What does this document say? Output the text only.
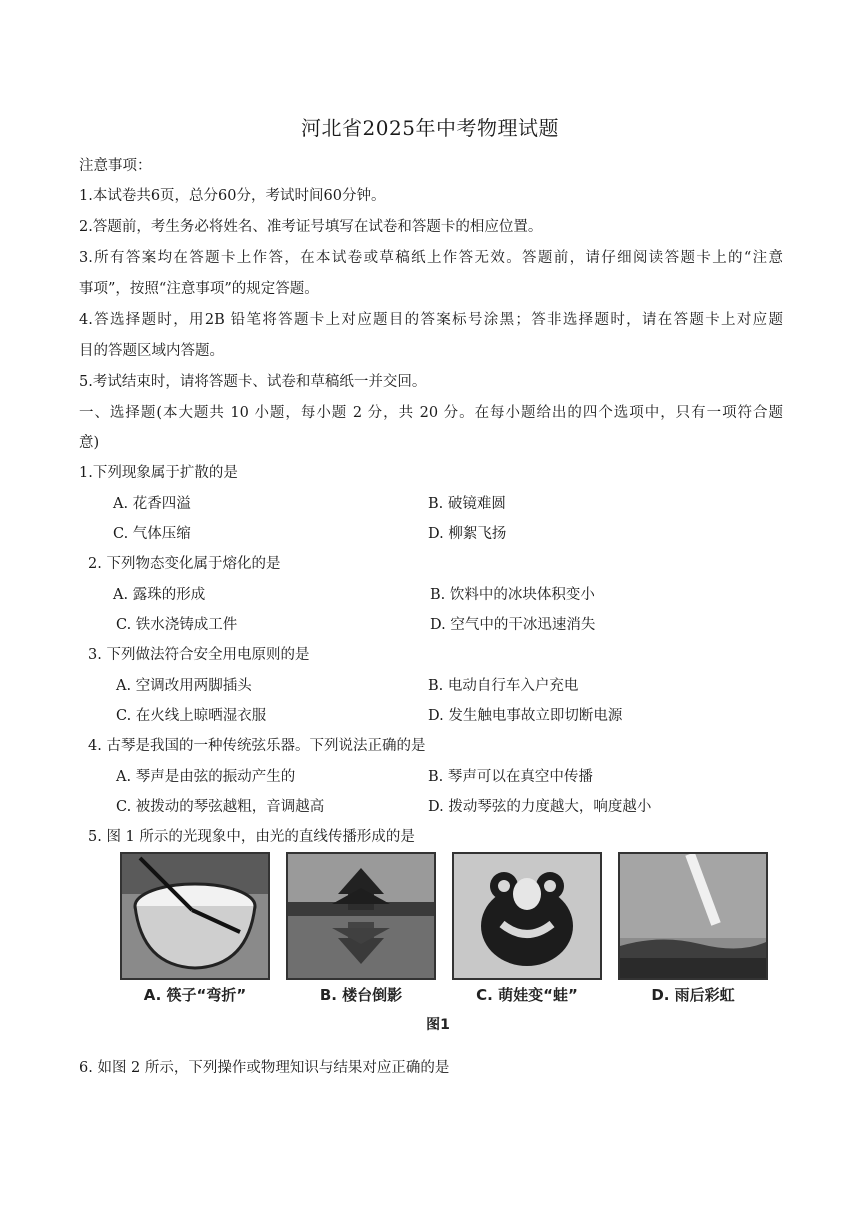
河北省2025年中考物理试题
注意事项：
1.本试卷共6页，总分60分，考试时间60分钟。
2.答题前，考生务必将姓名、准考证号填写在试卷和答题卡的相应位置。
3.所有答案均在答题卡上作答，在本试卷或草稿纸上作答无效。答题前，请仔细阅读答题卡上的“注意
事项”，按照“注意事项”的规定答题。
4.答选择题时，用2B 铅笔将答题卡上对应题目的答案标号涂黑；答非选择题时，请在答题卡上对应题
目的答题区域内答题。
5.考试结束时，请将答题卡、试卷和草稿纸一并交回。
一、选择题(本大题共 10 小题，每小题 2 分，共 20 分。在每小题给出的四个选项中，只有一项符合题
意)
1.下列现象属于扩散的是
A. 花香四溢	B. 破镜难圆
C. 气体压缩	D. 柳絮飞扬
2. 下列物态变化属于熔化的是
A. 露珠的形成	B. 饮料中的冰块体积变小
C. 铁水浇铸成工件	D. 空气中的干冰迅速消失
3. 下列做法符合安全用电原则的是
A. 空调改用两脚插头	B. 电动自行车入户充电
C. 在火线上晾晒湿衣服	D. 发生触电事故立即切断电源
4. 古琴是我国的一种传统弦乐器。下列说法正确的是
A. 琴声是由弦的振动产生的	B. 琴声可以在真空中传播
C. 被拨动的琴弦越粗，音调越高	D. 拨动琴弦的力度越大，响度越小
5. 图 1 所示的光现象中，由光的直线传播形成的是
A. 筷子“弯折”	B. 楼台倒影	C. 萌娃变“蛙”	D. 雨后彩虹
图1
6. 如图 2 所示，下列操作或物理知识与结果对应正确的是
